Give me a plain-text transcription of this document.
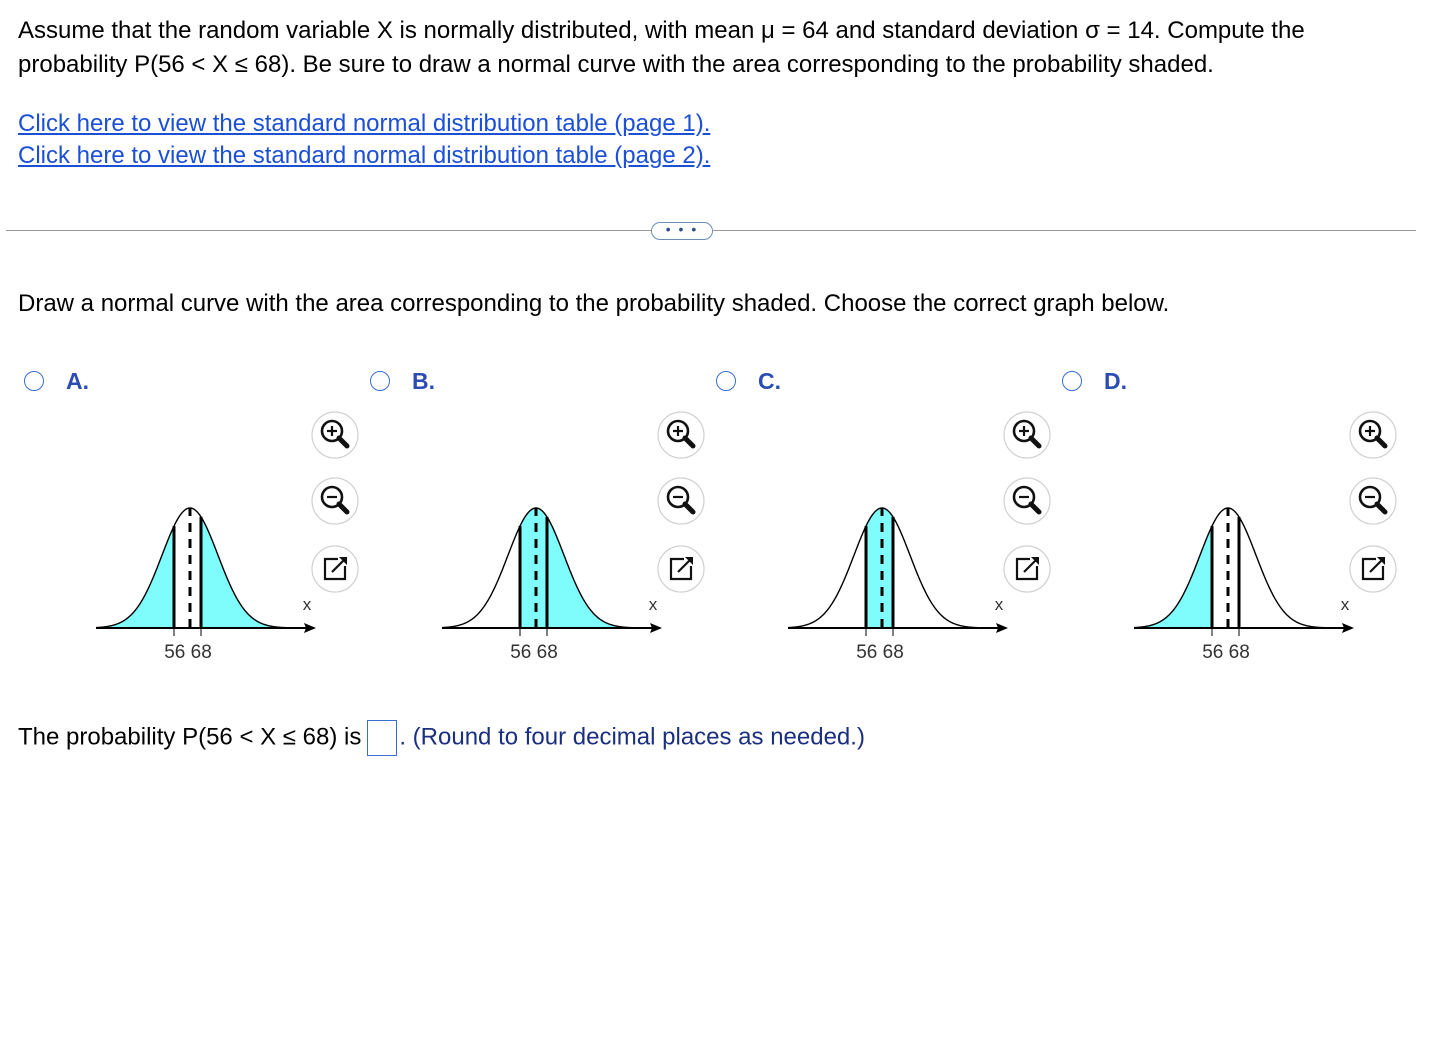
Assume that the random variable X is normally distributed, with mean μ = 64 and standard deviation σ = 14. Compute the probability P(56 < X ≤ 68). Be sure to draw a normal curve with the area corresponding to the probability shaded.
Click here to view the standard normal distribution table (page 1).
Click here to view the standard normal distribution table (page 2).
• • •
Draw a normal curve with the area corresponding to the probability shaded. Choose the correct graph below.
A.
56 68
x
B.
56 68
x
C.
56 68
x
D.
56 68
x
The probability P(56 < X ≤ 68) is . (Round to four decimal places as needed.)
